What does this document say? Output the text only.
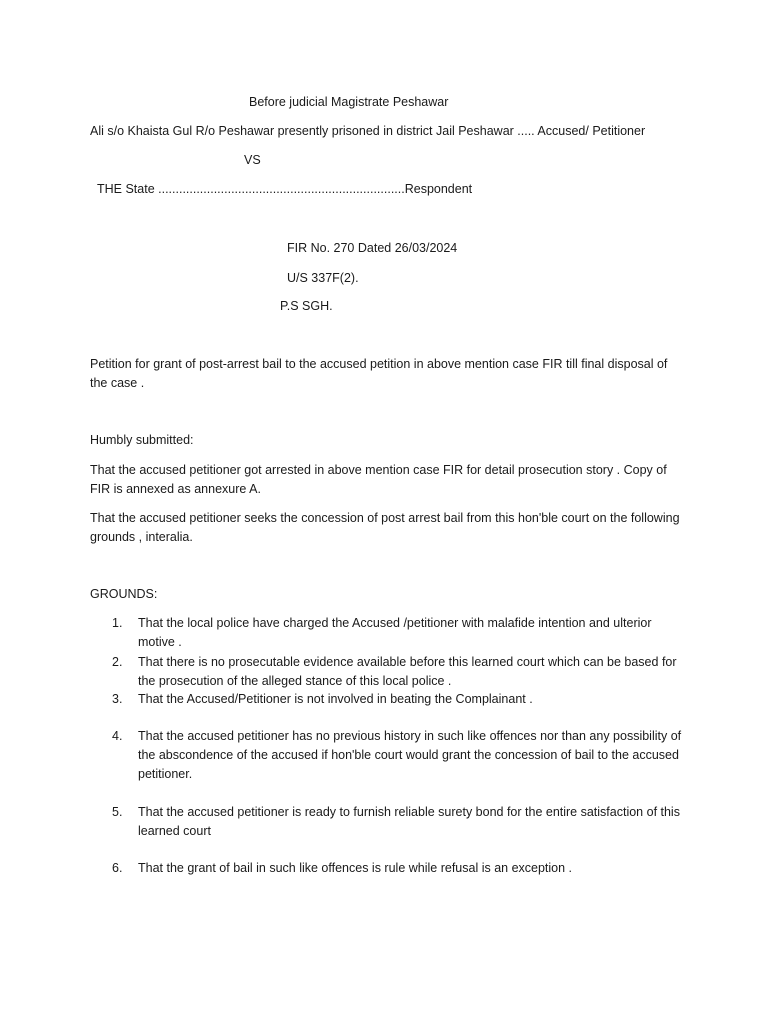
Before judicial Magistrate Peshawar
Ali s/o Khaista Gul R/o Peshawar presently prisoned in district Jail Peshawar ..... Accused/ Petitioner
VS
THE State .......................................................................Respondent
FIR No. 270 Dated 26/03/2024
U/S 337F(2).
P.S SGH.
Petition for grant of post-arrest bail to the accused petition in above mention case FIR till final disposal of the case .
Humbly submitted:
That the accused petitioner got arrested in above mention case FIR for detail prosecution story . Copy of FIR is annexed as annexure A.
That the accused petitioner seeks the concession of post arrest bail from this hon'ble court on the following grounds , interalia.
GROUNDS:
1.	That the local police have charged the Accused /petitioner with malafide intention and ulterior motive .
2.	That there is no prosecutable evidence available before this learned court which can be based for the prosecution of the alleged stance of this local police .
3.	That the Accused/Petitioner is not involved in beating the Complainant .
4.	That the accused petitioner has no previous history in such like offences nor than any possibility of the abscondence of the accused if hon'ble court would grant the concession of bail to the accused petitioner.
5.	That the accused petitioner is ready to furnish reliable surety bond for the entire satisfaction of this learned court
6.	That the grant of bail in such like offences is rule while refusal is an exception .
